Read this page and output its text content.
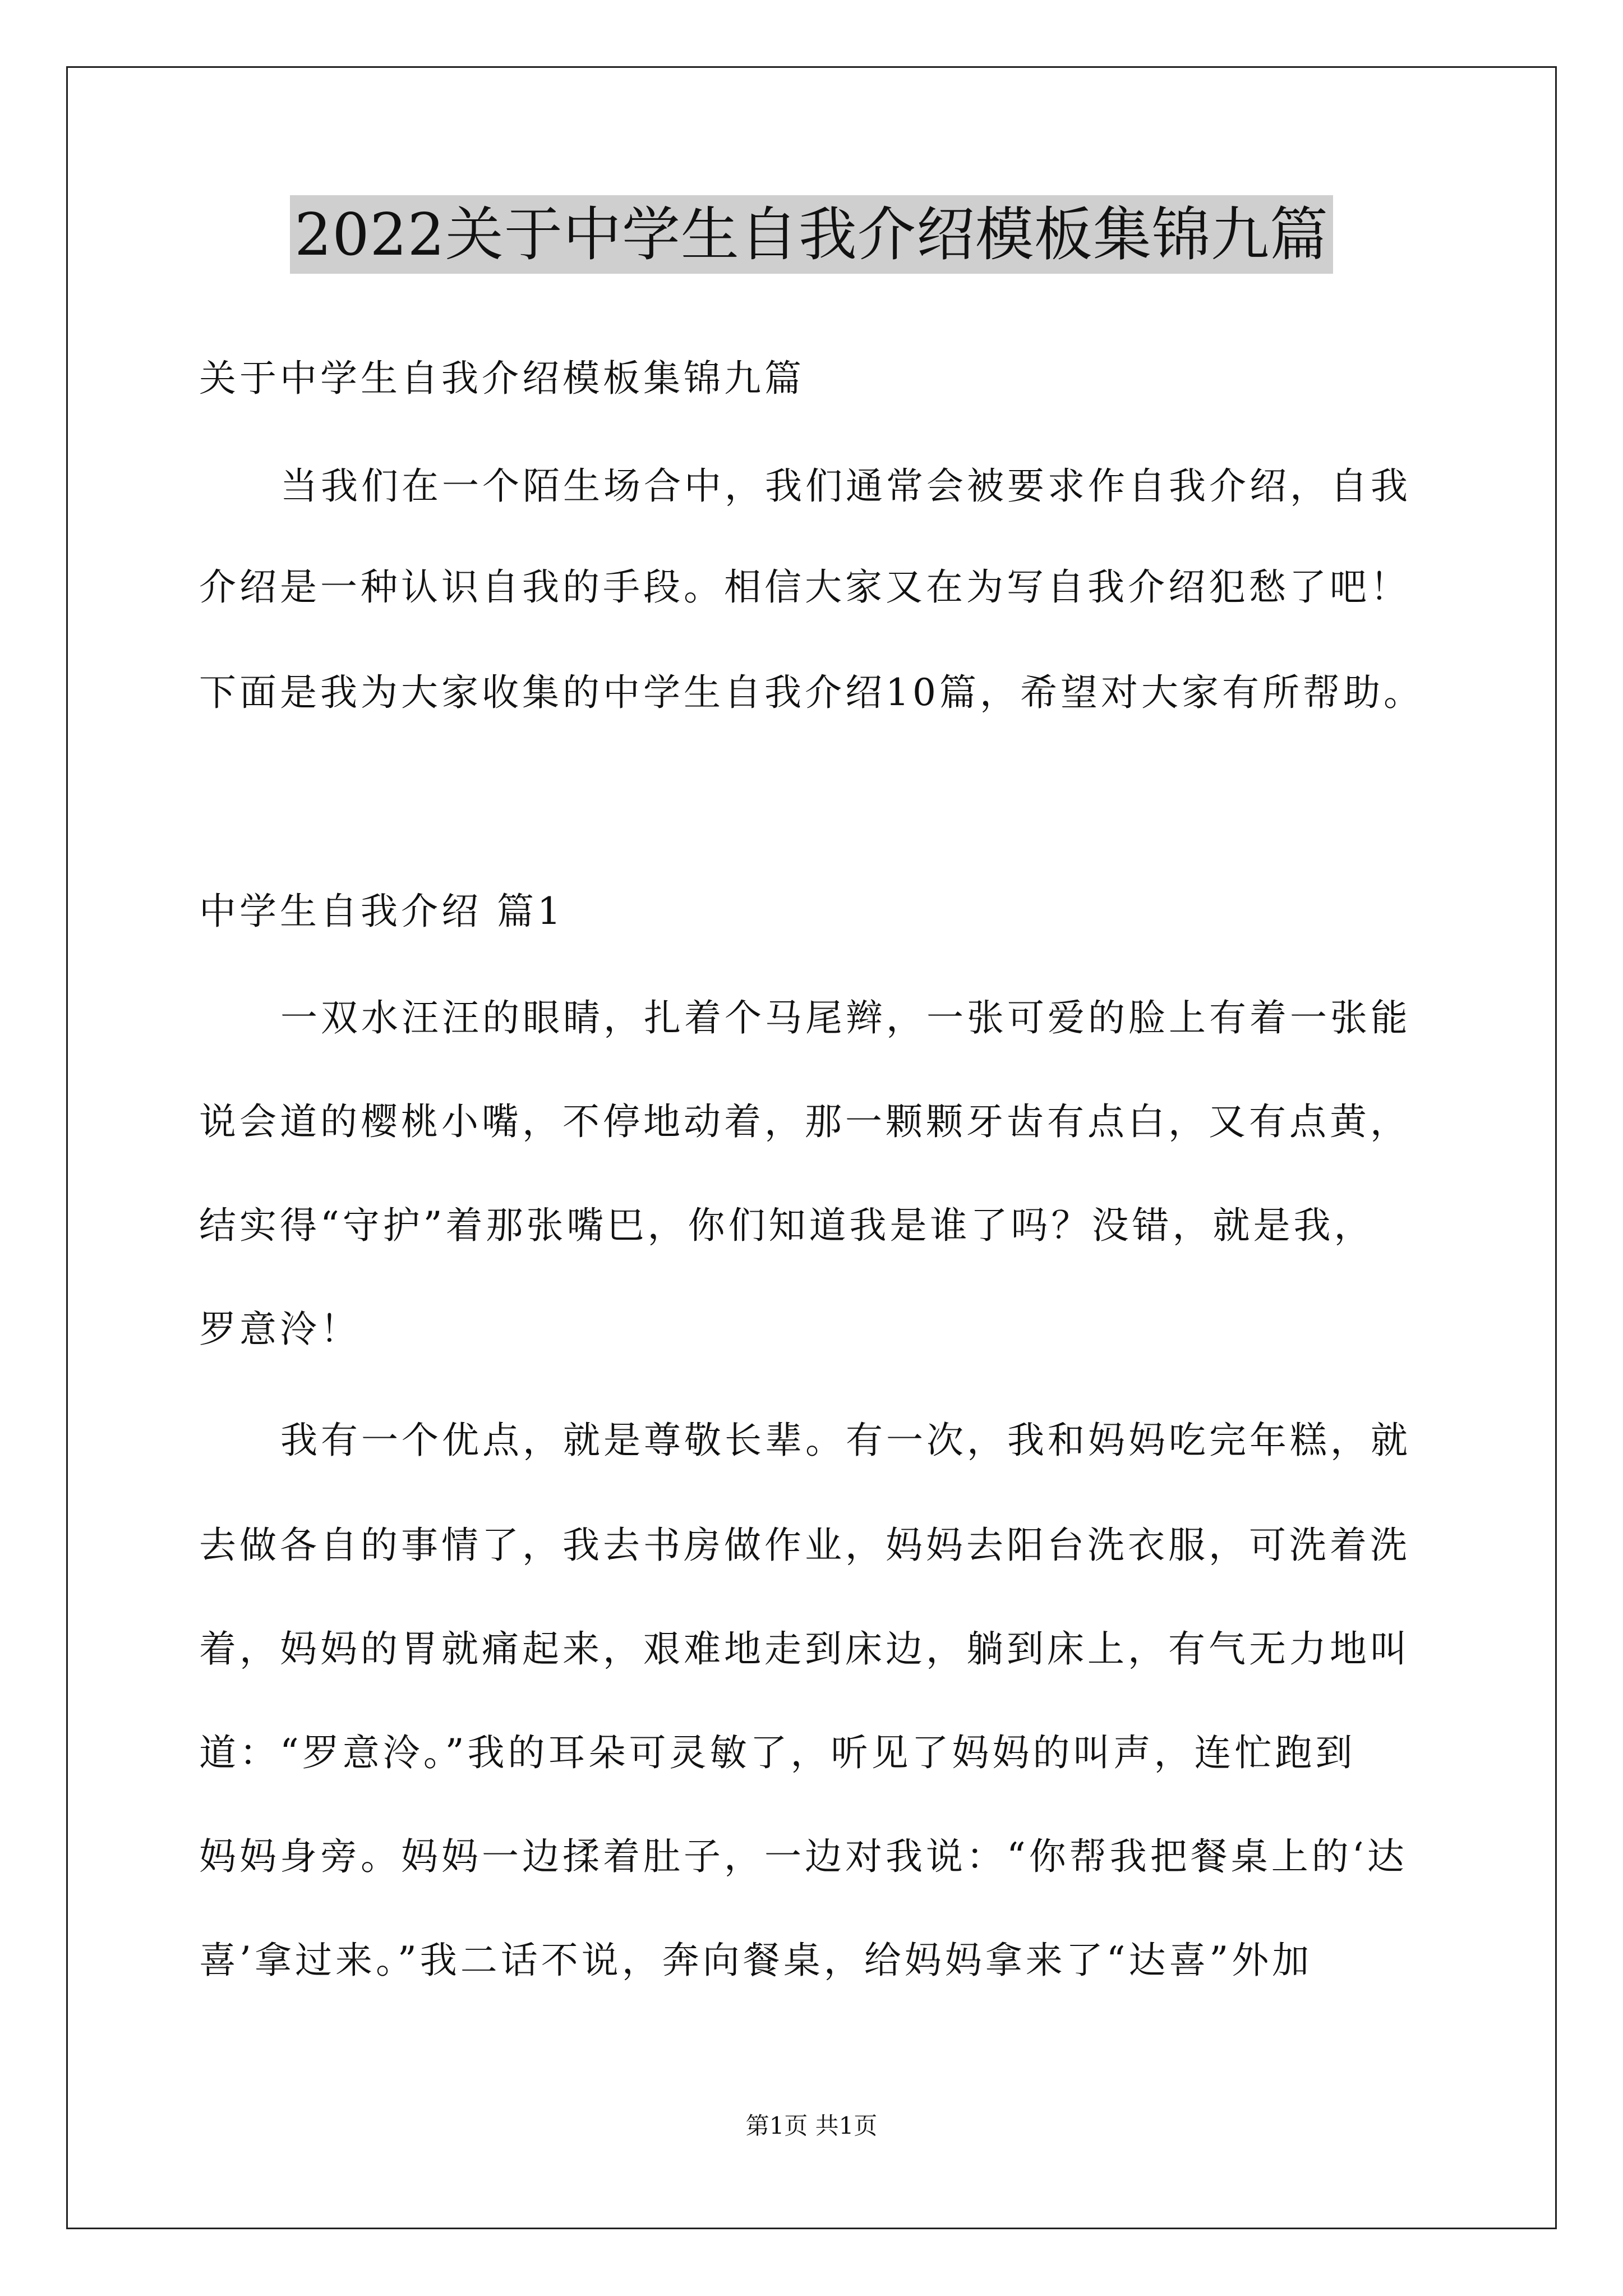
2022关于中学生自我介绍模板集锦九篇
关于中学生自我介绍模板集锦九篇
当我们在一个陌生场合中，我们通常会被要求作自我介绍，自我
介绍是一种认识自我的手段。相信大家又在为写自我介绍犯愁了吧！
下面是我为大家收集的中学生自我介绍10篇，希望对大家有所帮助。
中学生自我介绍 篇1
一双水汪汪的眼睛，扎着个马尾辫，一张可爱的脸上有着一张能
说会道的樱桃小嘴，不停地动着，那一颗颗牙齿有点白，又有点黄，
结实得“守护”着那张嘴巴，你们知道我是谁了吗？没错，就是我，
罗意泠！
我有一个优点，就是尊敬长辈。有一次，我和妈妈吃完年糕，就
去做各自的事情了，我去书房做作业，妈妈去阳台洗衣服，可洗着洗
着，妈妈的胃就痛起来，艰难地走到床边，躺到床上，有气无力地叫
道：“罗意泠。”我的耳朵可灵敏了，听见了妈妈的叫声，连忙跑到
妈妈身旁。妈妈一边揉着肚子，一边对我说：“你帮我把餐桌上的‘达
喜’拿过来。”我二话不说，奔向餐桌，给妈妈拿来了“达喜”外加
第1页 共1页
